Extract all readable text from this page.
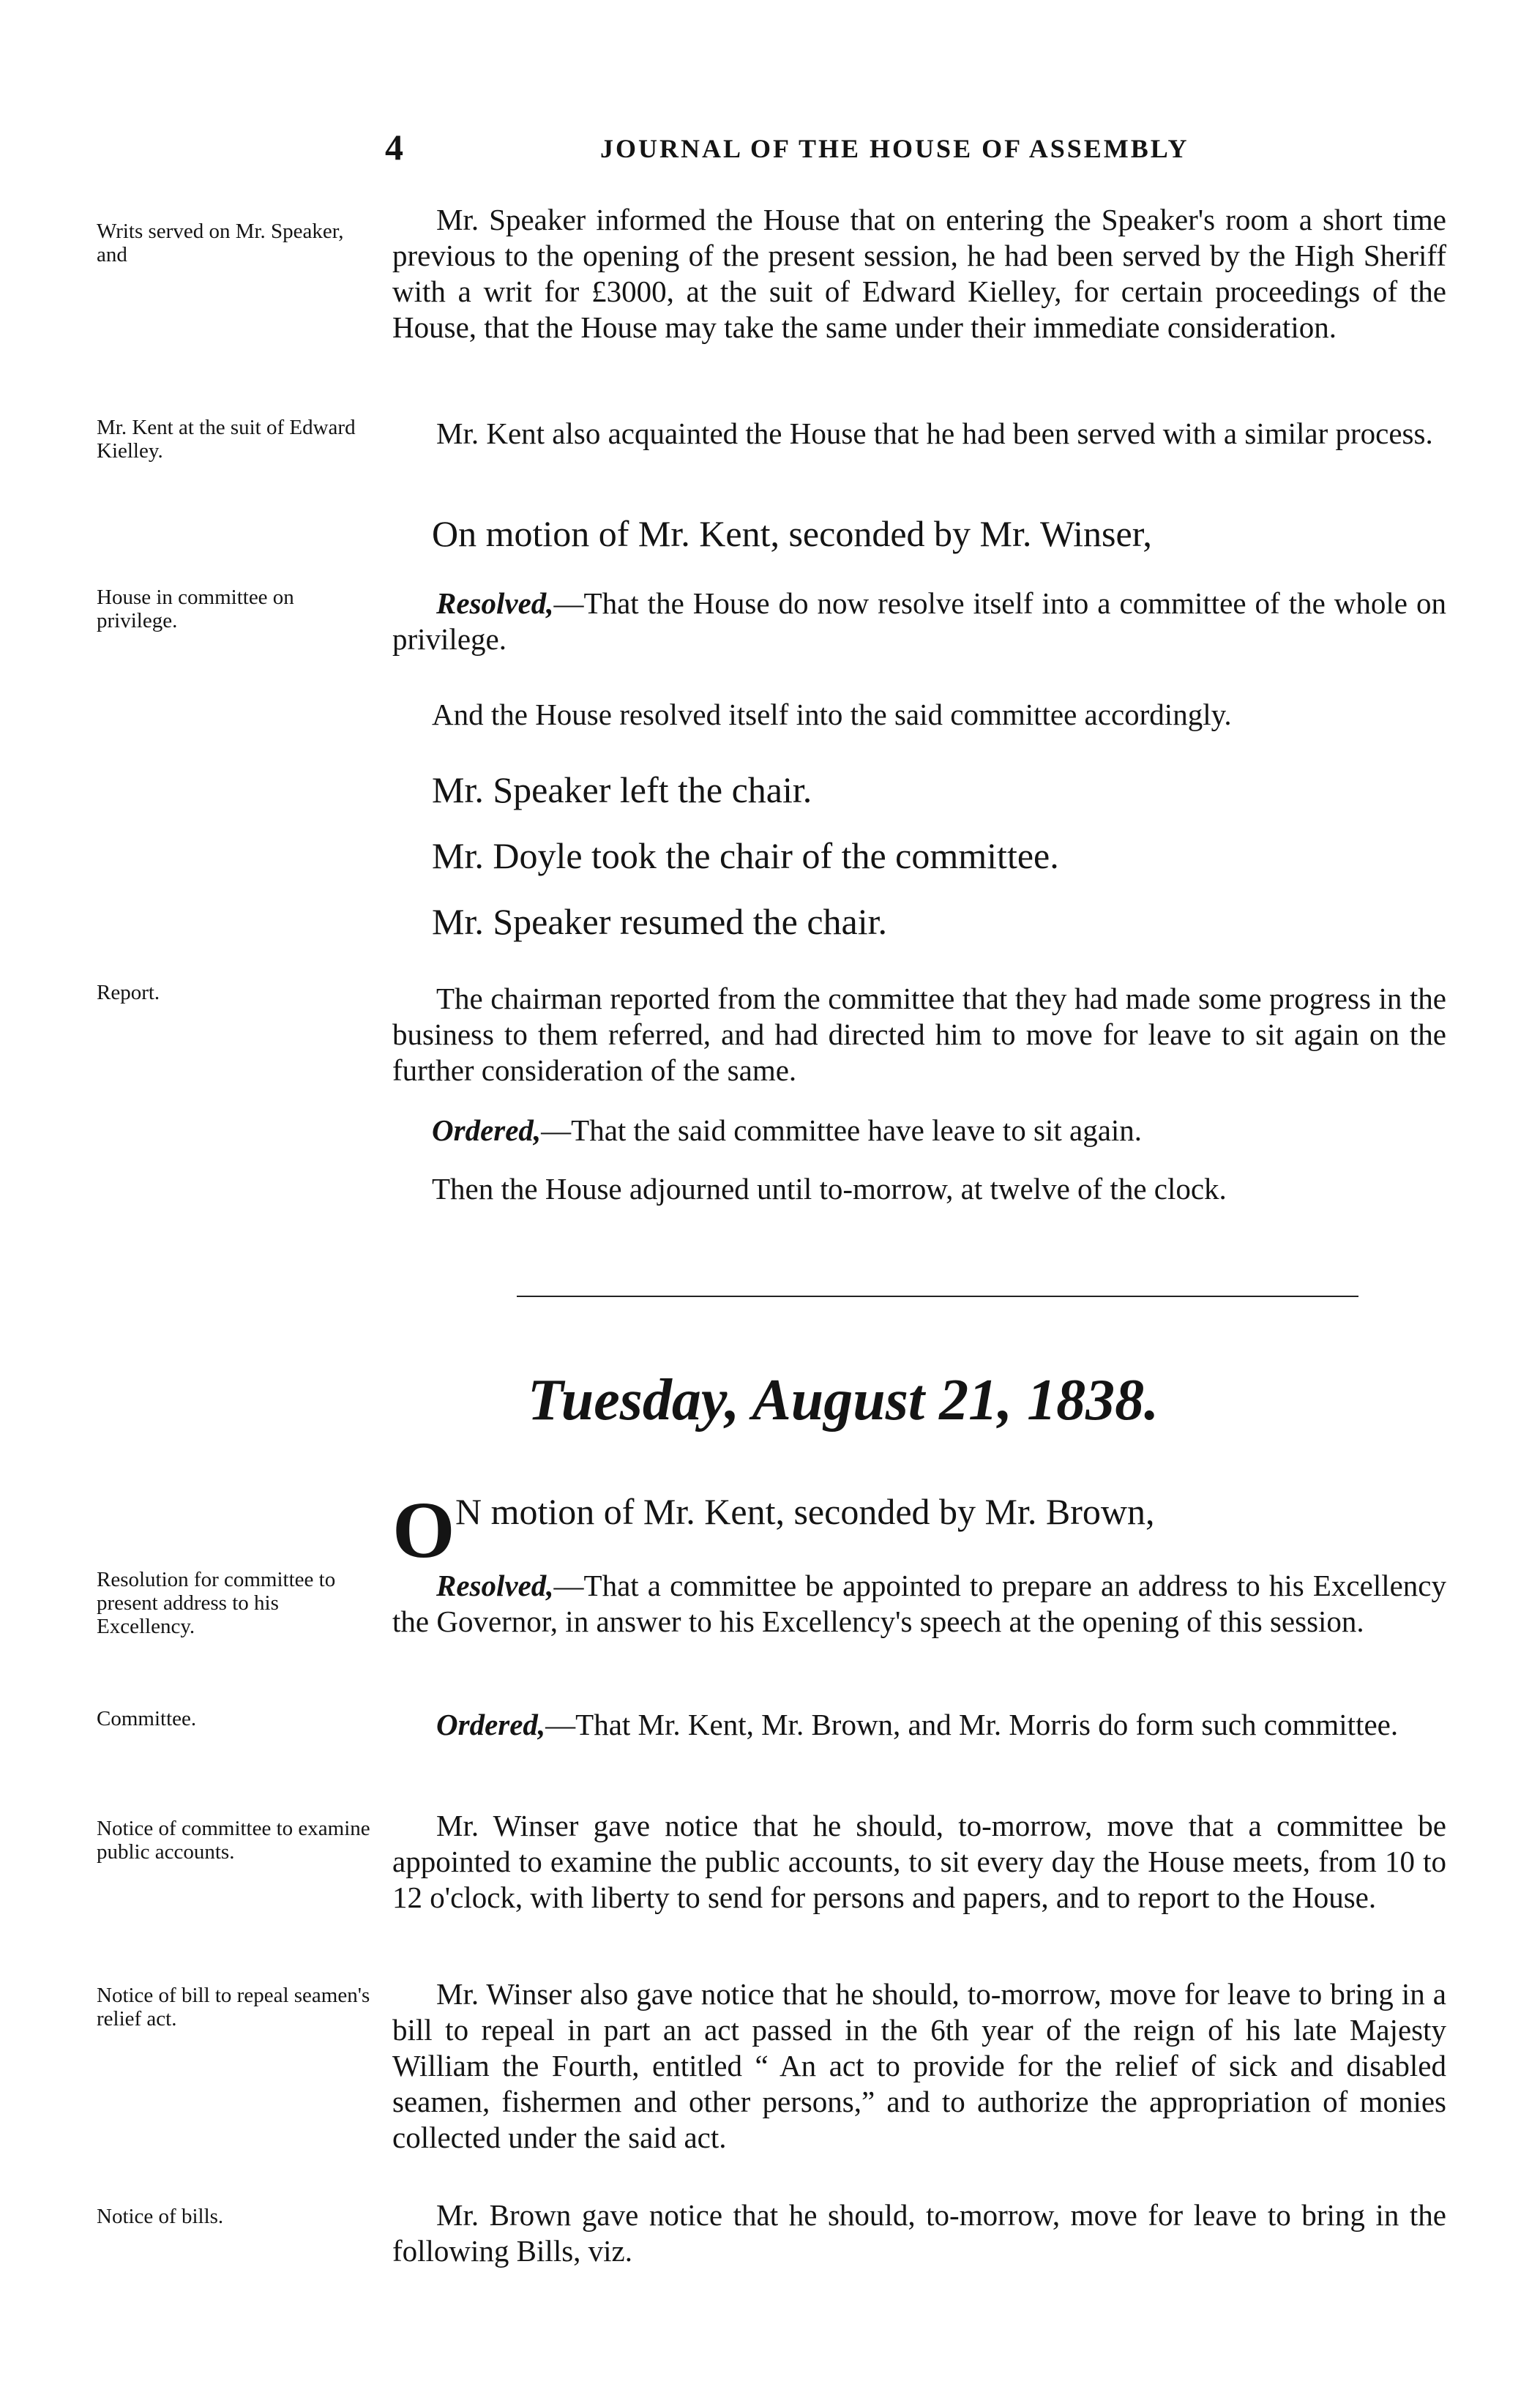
4	JOURNAL OF THE HOUSE OF ASSEMBLY
Writs served on Mr. Speaker, and
Mr. Kent at the suit of Edward Kielley.
House in committee on privilege.
Report.
Resolution for committee to present address to his Excellency.
Committee.
Notice of committee to examine public accounts.
Notice of bill to repeal seamen's relief act.
Notice of bills.
Mr. Speaker informed the House that on entering the Speaker's room a short time previous to the opening of the present session, he had been served by the High Sheriff with a writ for £3000, at the suit of Edward Kielley, for certain proceedings of the House, that the House may take the same under their immediate consideration.
Mr. Kent also acquainted the House that he had been served with a similar process.
On motion of Mr. Kent, seconded by Mr. Winser,
Resolved,—That the House do now resolve itself into a committee of the whole on privilege.
And the House resolved itself into the said committee accordingly.
Mr. Speaker left the chair.
Mr. Doyle took the chair of the committee.
Mr. Speaker resumed the chair.
The chairman reported from the committee that they had made some progress in the business to them referred, and had directed him to move for leave to sit again on the further consideration of the same.
Ordered,—That the said committee have leave to sit again.
Then the House adjourned until to-morrow, at twelve of the clock.
Tuesday, August 21, 1838.
O N motion of Mr. Kent, seconded by Mr. Brown,
Resolved,—That a committee be appointed to prepare an address to his Excellency the Governor, in answer to his Excellency's speech at the opening of this session.
Ordered,—That Mr. Kent, Mr. Brown, and Mr. Morris do form such committee.
Mr. Winser gave notice that he should, to-morrow, move that a committee be appointed to examine the public accounts, to sit every day the House meets, from 10 to 12 o'clock, with liberty to send for persons and papers, and to report to the House.
Mr. Winser also gave notice that he should, to-morrow, move for leave to bring in a bill to repeal in part an act passed in the 6th year of the reign of his late Majesty William the Fourth, entitled “ An act to provide for the relief of sick and disabled seamen, fishermen and other persons,” and to authorize the appropriation of monies collected under the said act.
Mr. Brown gave notice that he should, to-morrow, move for leave to bring in the following Bills, viz.
